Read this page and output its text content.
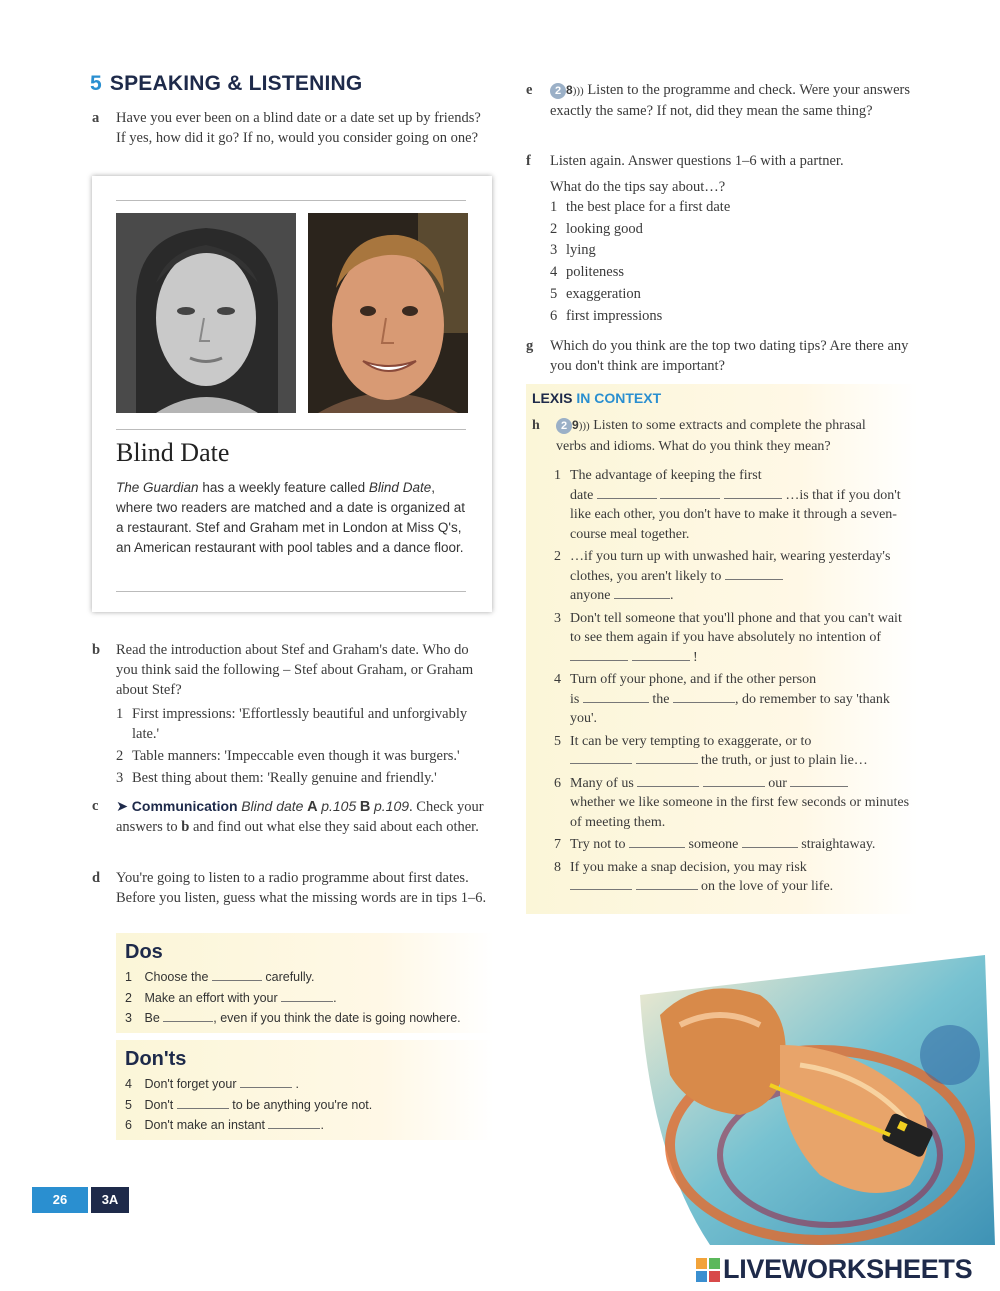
5 SPEAKING & LISTENING
a Have you ever been on a blind date or a date set up by friends? If yes, how did it go? If no, would you consider going on one?
Blind Date
The Guardian has a weekly feature called Blind Date, where two readers are matched and a date is organized at a restaurant. Stef and Graham met in London at Miss Q's, an American restaurant with pool tables and a dance floor.
b Read the introduction about Stef and Graham's date. Who do you think said the following – Stef about Graham, or Graham about Stef?
1 First impressions: 'Effortlessly beautiful and unforgivably late.'
2 Table manners: 'Impeccable even though it was burgers.'
3 Best thing about them: 'Really genuine and friendly.'
c ➤ Communication Blind date A p.105 B p.109. Check your answers to b and find out what else they said about each other.
d You're going to listen to a radio programme about first dates. Before you listen, guess what the missing words are in tips 1–6.
Dos
1 Choose the	carefully.
2 Make an effort with your	.
3 Be	, even if you think the date is going nowhere.
Don'ts
4 Don't forget your	.
5 Don't	to be anything you're not.
6 Don't make an instant	.
26	3A
e	2 8))) Listen to the programme and check. Were your answers exactly the same? If not, did they mean the same thing?
f Listen again. Answer questions 1–6 with a partner.
What do the tips say about…?
1 the best place for a first date
2 looking good
3 lying
4 politeness
5 exaggeration
6 first impressions
g Which do you think are the top two dating tips? Are there any you don't think are important?
LEXIS IN CONTEXT
h	2 9))) Listen to some extracts and complete the phrasal verbs and idioms. What do you think they mean?
1 The advantage of keeping the first
date	…is that if you don't like each other, you don't have to make it through a seven-course meal together.
2 …if you turn up with unwashed hair, wearing yesterday's clothes, you aren't likely to
anyone	.
3 Don't tell someone that you'll phone and that you can't wait to see them again if you have absolutely no intention of   !
4 Turn off your phone, and if the other person
is	the	, do remember to say 'thank you'.
5 It can be very tempting to exaggerate, or to
the truth, or just to plain lie…
6 Many of us	our
whether we like someone in the first few seconds or minutes of meeting them.
7 Try not to	someone	straightaway.
8 If you make a snap decision, you may risk
on the love of your life.
LIVEWORKSHEETS
